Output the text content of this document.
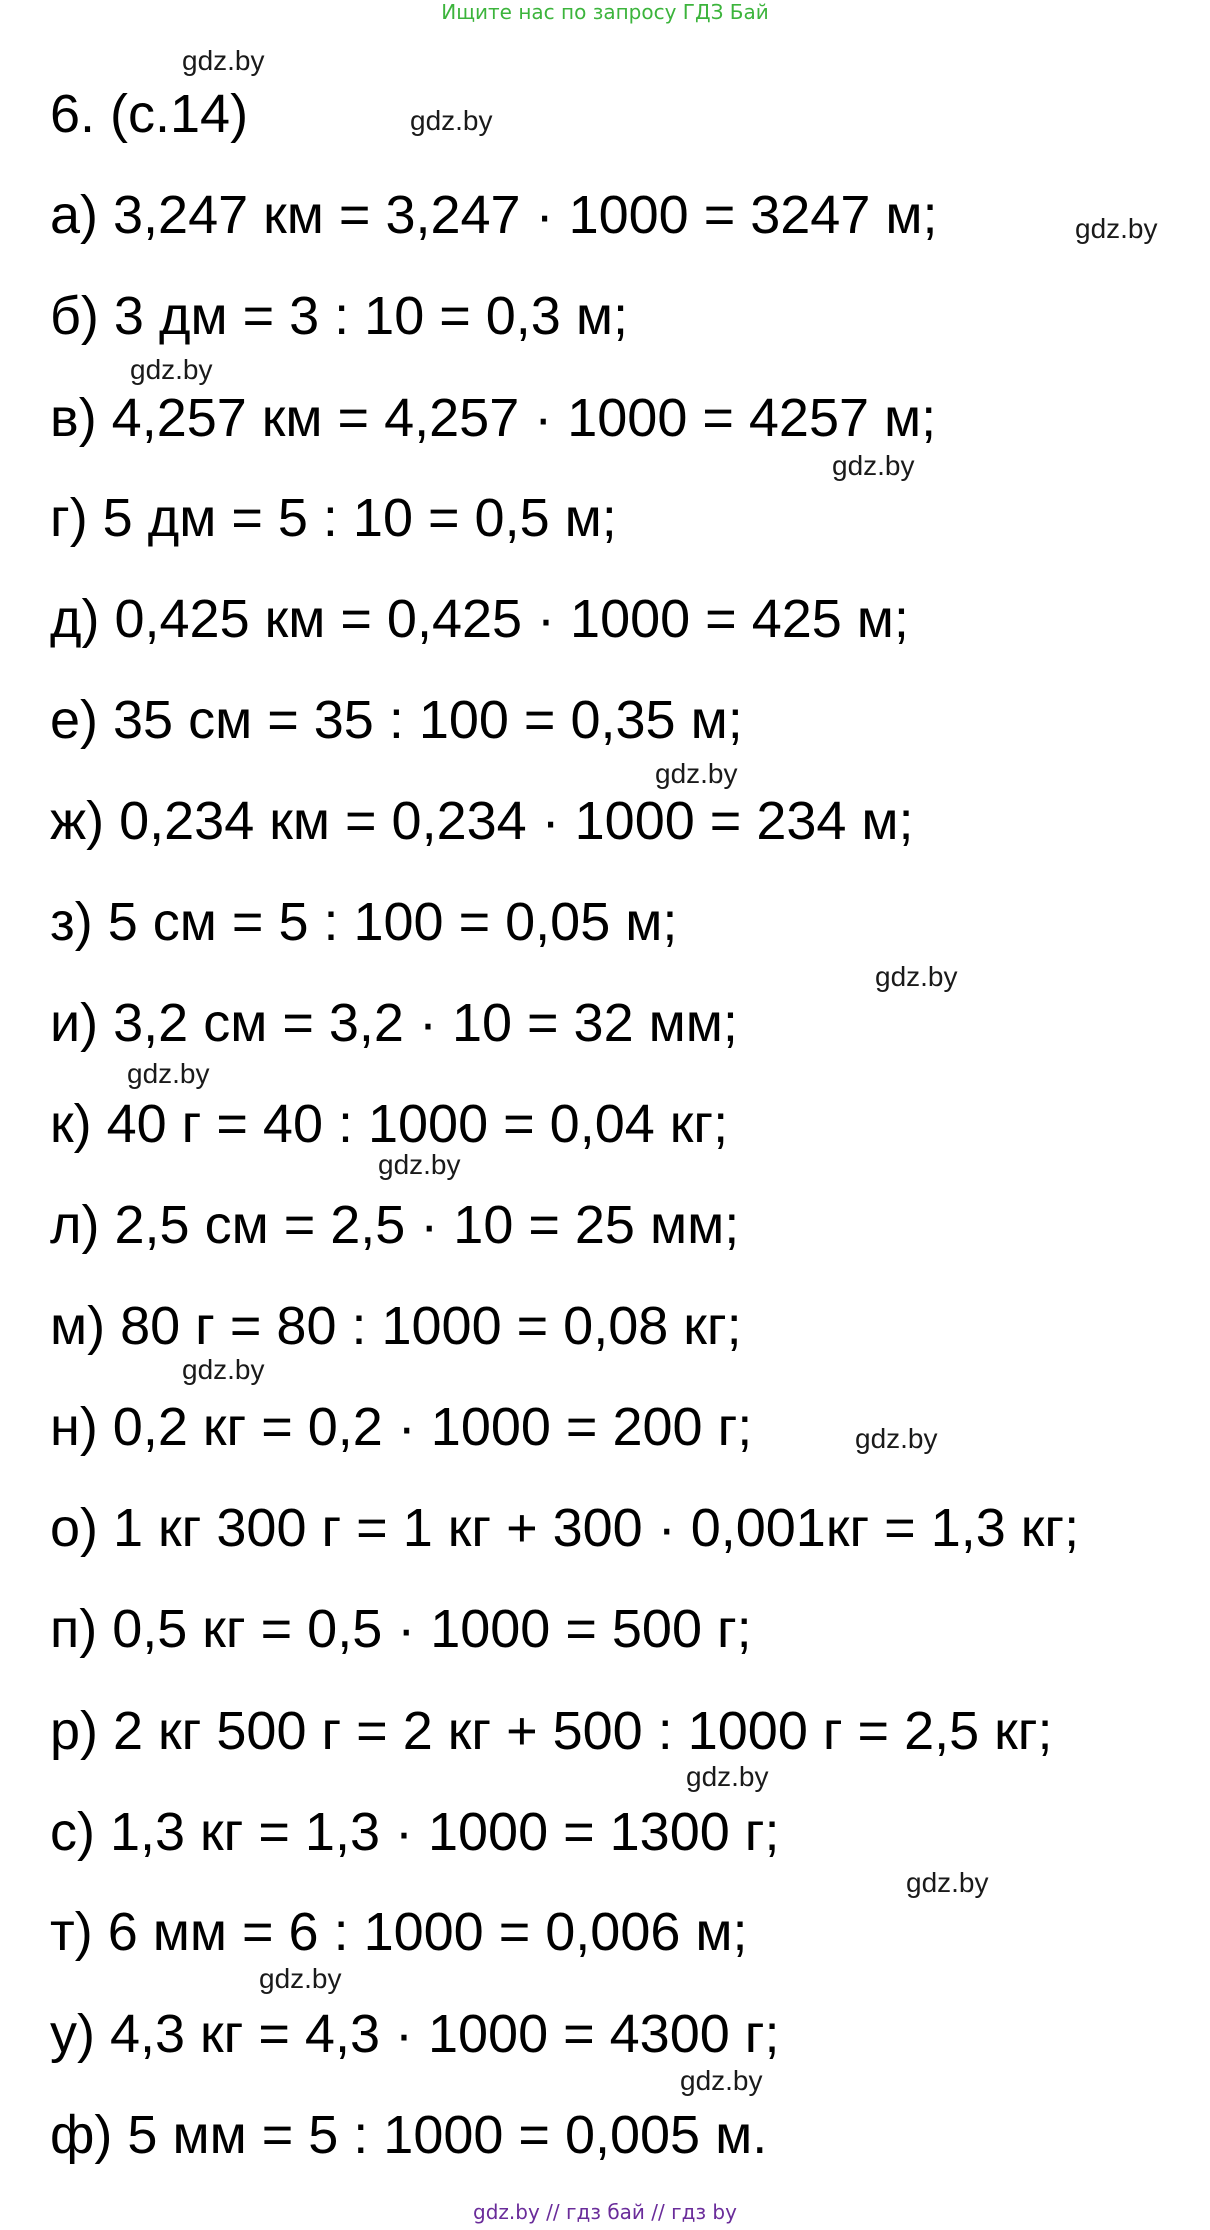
Ищите нас по запросу ГДЗ Бай
6. (с.14)
а) 3,247 км = 3,247 · 1000 = 3247 м;
б) 3 дм = 3 : 10 = 0,3 м;
в) 4,257 км = 4,257 · 1000 = 4257 м;
г) 5 дм = 5 : 10 = 0,5 м;
д) 0,425 км = 0,425 · 1000 = 425 м;
е) 35 см = 35 : 100 = 0,35 м;
ж) 0,234 км = 0,234 · 1000 = 234 м;
з) 5 см = 5 : 100 = 0,05 м;
и) 3,2 см = 3,2 · 10 = 32 мм;
к) 40 г = 40 : 1000 = 0,04 кг;
л) 2,5 см = 2,5 · 10 = 25 мм;
м) 80 г = 80 : 1000 = 0,08 кг;
н) 0,2 кг = 0,2 · 1000 = 200 г;
о) 1 кг 300 г = 1 кг + 300 · 0,001кг = 1,3 кг;
п) 0,5 кг = 0,5 · 1000 = 500 г;
р) 2 кг 500 г = 2 кг + 500 : 1000 г = 2,5 кг;
с) 1,3 кг = 1,3 · 1000 = 1300 г;
т) 6 мм = 6 : 1000 = 0,006 м;
у) 4,3 кг = 4,3 · 1000 = 4300 г;
ф) 5 мм = 5 : 1000 = 0,005 м.
gdz.by
gdz.by
gdz.by
gdz.by
gdz.by
gdz.by
gdz.by
gdz.by
gdz.by
gdz.by
gdz.by
gdz.by
gdz.by
gdz.by
gdz.by
gdz.by // гдз бай // гдз by
